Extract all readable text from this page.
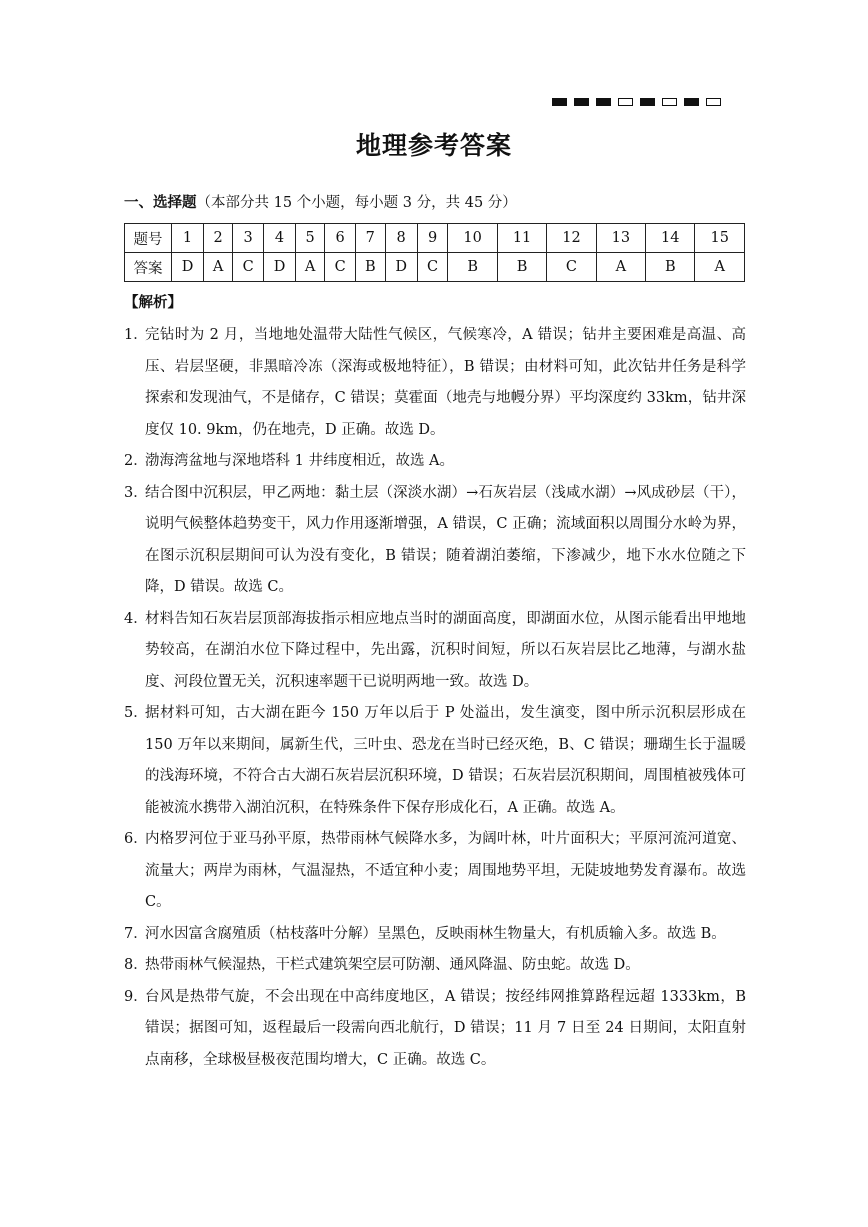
地理参考答案
一、选择题（本部分共 15 个小题，每小题 3 分，共 45 分）
题号	1	2	3	4	5	6	7	8	9	10	11	12	13	14	15
答案	D	A	C	D	A	C	B	D	C	B	B	C	A	B	A
【解析】
1．
完钻时为 2 月，当地地处温带大陆性气候区，气候寒冷，A 错误；钻井主要困难是高温、高压、岩层坚硬，非黑暗冷冻（深海或极地特征），B 错误；由材料可知，此次钻井任务是科学探索和发现油气，不是储存，C 错误；莫霍面（地壳与地幔分界）平均深度约 33km，钻井深度仅 10. 9km，仍在地壳，D 正确。故选 D。
2．
渤海湾盆地与深地塔科 1 井纬度相近，故选 A。
3．
结合图中沉积层，甲乙两地：黏土层（深淡水湖）→石灰岩层（浅咸水湖）→风成砂层（干），说明气候整体趋势变干，风力作用逐渐增强，A 错误，C 正确；流域面积以周围分水岭为界，在图示沉积层期间可认为没有变化，B 错误；随着湖泊萎缩，下渗减少，地下水水位随之下降，D 错误。故选 C。
4．
材料告知石灰岩层顶部海拔指示相应地点当时的湖面高度，即湖面水位，从图示能看出甲地地势较高，在湖泊水位下降过程中，先出露，沉积时间短，所以石灰岩层比乙地薄，与湖水盐度、河段位置无关，沉积速率题干已说明两地一致。故选 D。
5．
据材料可知，古大湖在距今 150 万年以后于 P 处溢出，发生演变，图中所示沉积层形成在 150 万年以来期间，属新生代，三叶虫、恐龙在当时已经灭绝，B、C 错误；珊瑚生长于温暖的浅海环境，不符合古大湖石灰岩层沉积环境，D 错误；石灰岩层沉积期间，周围植被残体可能被流水携带入湖泊沉积，在特殊条件下保存形成化石，A 正确。故选 A。
6．
内格罗河位于亚马孙平原，热带雨林气候降水多，为阔叶林，叶片面积大；平原河流河道宽、流量大；两岸为雨林，气温湿热，不适宜种小麦；周围地势平坦，无陡坡地势发育瀑布。故选 C。
7．
河水因富含腐殖质（枯枝落叶分解）呈黑色，反映雨林生物量大，有机质输入多。故选 B。
8．
热带雨林气候湿热，干栏式建筑架空层可防潮、通风降温、防虫蛇。故选 D。
9．
台风是热带气旋，不会出现在中高纬度地区，A 错误；按经纬网推算路程远超 1333km，B 错误；据图可知，返程最后一段需向西北航行，D 错误；11 月 7 日至 24 日期间，太阳直射点南移，全球极昼极夜范围均增大，C 正确。故选 C。
